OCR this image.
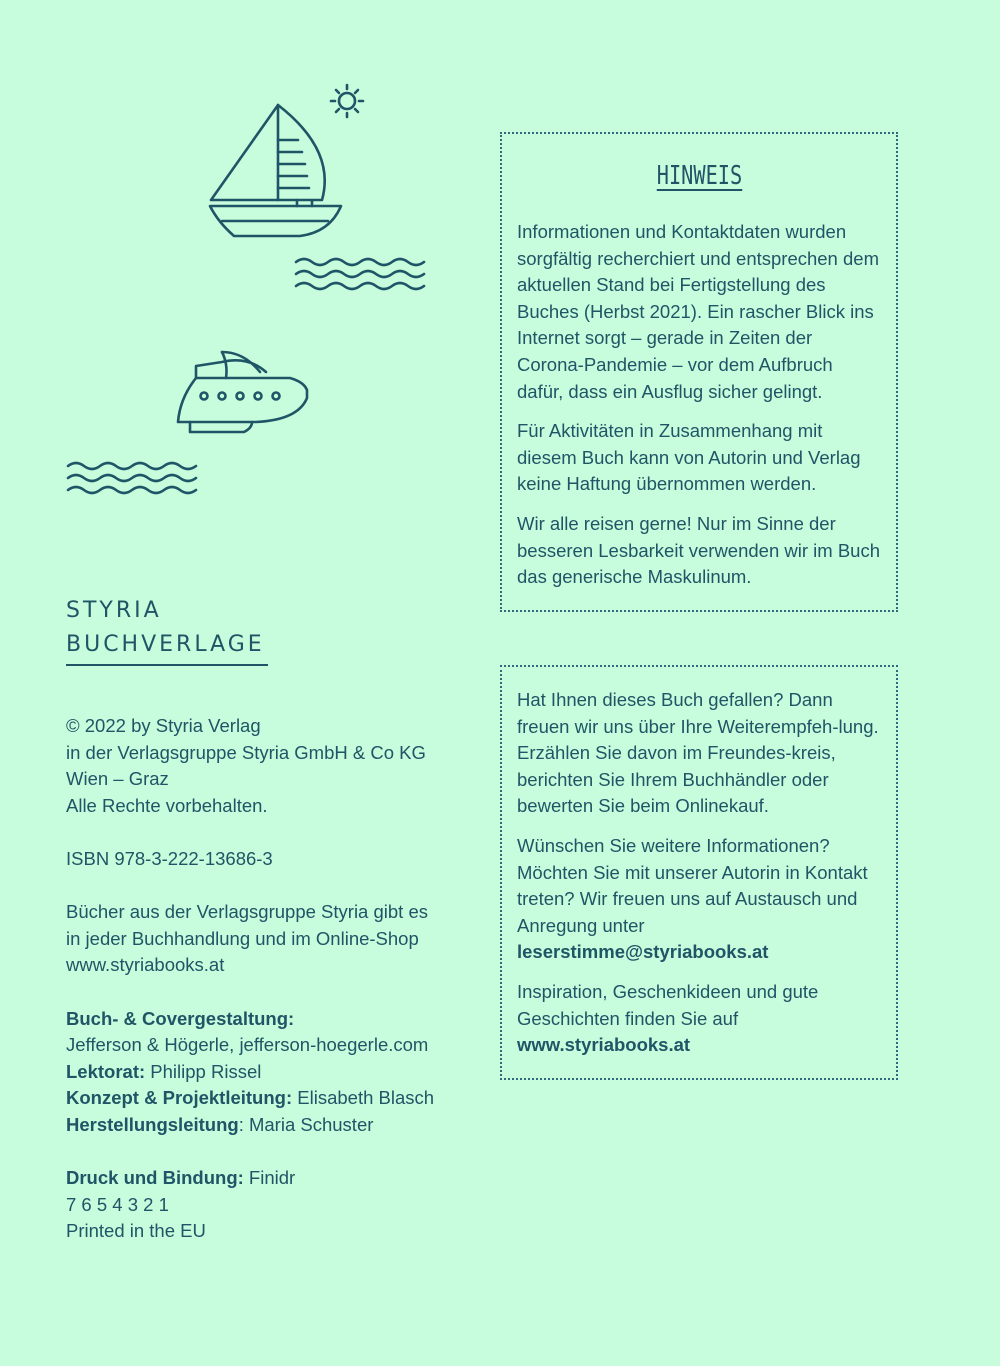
HINWEIS

Informationen und Kontaktdaten wurden sorgfältig recherchiert und entsprechen dem aktuellen Stand bei Fertigstellung des Buches (Herbst 2021). Ein rascher Blick ins Internet sorgt – gerade in Zeiten der Corona-Pandemie – vor dem Aufbruch dafür, dass ein Ausflug sicher gelingt.

Für Aktivitäten in Zusammenhang mit diesem Buch kann von Autorin und Verlag keine Haftung übernommen werden.

Wir alle reisen gerne! Nur im Sinne der besseren Lesbarkeit verwenden wir im Buch das generische Maskulinum.

Hat Ihnen dieses Buch gefallen? Dann freuen wir uns über Ihre Weiterempfeh-lung. Erzählen Sie davon im Freundes-kreis, berichten Sie Ihrem Buchhändler oder bewerten Sie beim Onlinekauf.

Wünschen Sie weitere Informationen? Möchten Sie mit unserer Autorin in Kontakt treten? Wir freuen uns auf Austausch und Anregung unter
leserstimme@styriabooks.at

Inspiration, Geschenkideen und gute Geschichten finden Sie auf
www.styriabooks.at

STYRIA
BUCHVERLAGE

© 2022 by Styria Verlag
in der Verlagsgruppe Styria GmbH & Co KG
Wien – Graz
Alle Rechte vorbehalten.

ISBN 978-3-222-13686-3

Bücher aus der Verlagsgruppe Styria gibt es
in jeder Buchhandlung und im Online-Shop
www.styriabooks.at

Buch- & Covergestaltung:
Jefferson & Högerle, jefferson-hoegerle.com
Lektorat: Philipp Rissel
Konzept & Projektleitung: Elisabeth Blasch
Herstellungsleitung: Maria Schuster

Druck und Bindung: Finidr
7 6 5 4 3 2 1
Printed in the EU
